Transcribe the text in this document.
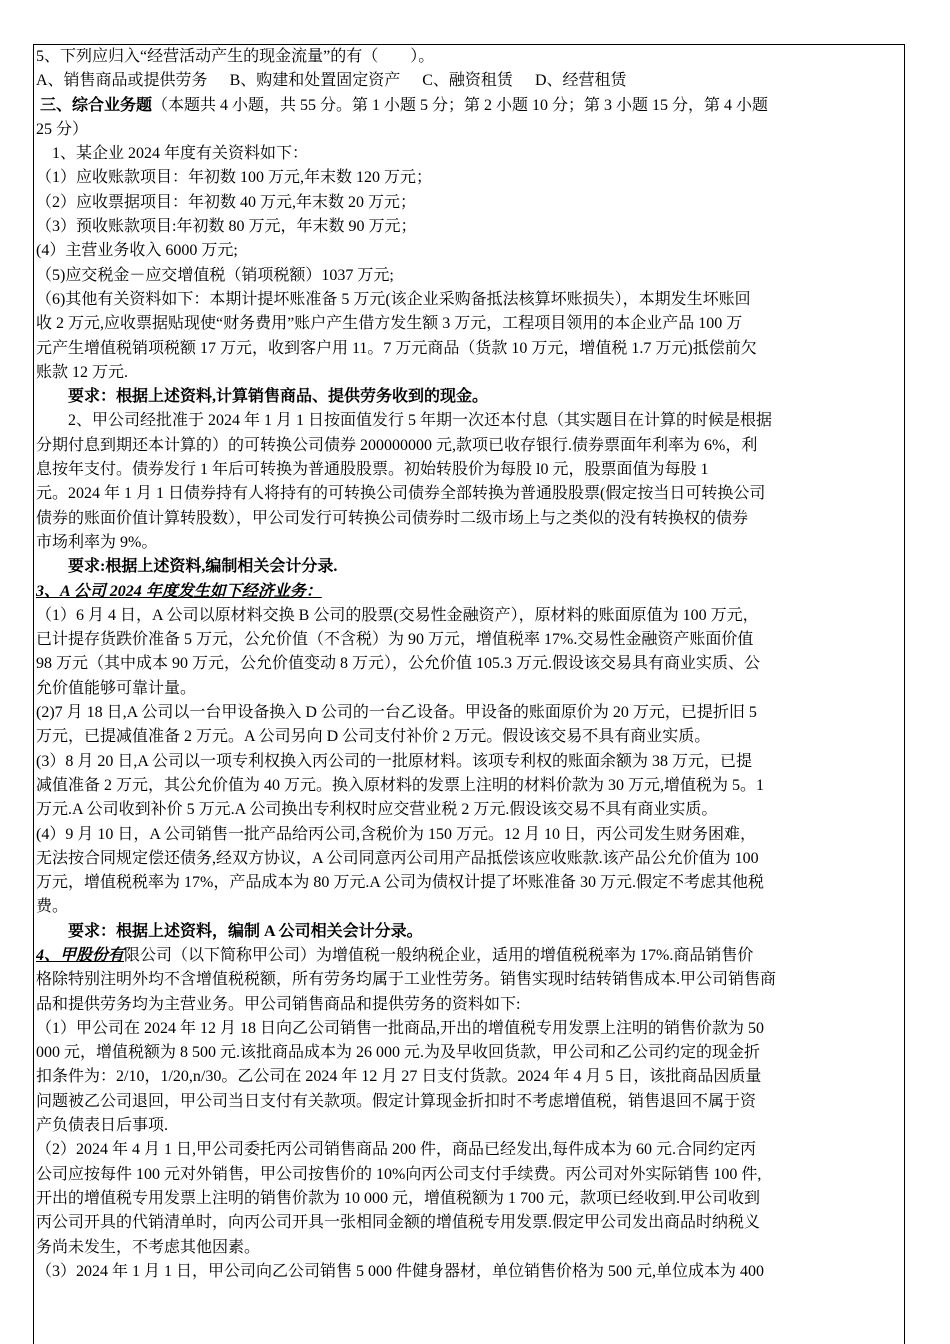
5、下列应归入“经营活动产生的现金流量”的有（　　）。
A、销售商品或提供劳务 B、购建和处置固定资产 C、融资租赁 D、经营租赁
三、综合业务题（本题共 4 小题，共 55 分。第 1 小题 5 分；第 2 小题 10 分；第 3 小题 15 分，第 4 小题
25 分）
1、某企业 2024 年度有关资料如下：
（1）应收账款项目：年初数 100 万元,年末数 120 万元；
（2）应收票据项目：年初数 40 万元,年末数 20 万元；
（3）预收账款项目:年初数 80 万元，年末数 90 万元；
(4）主营业务收入 6000 万元;
（5)应交税金－应交增值税（销项税额）1037 万元;
（6)其他有关资料如下：本期计提坏账准备 5 万元(该企业采购备抵法核算坏账损失），本期发生坏账回
收 2 万元,应收票据贴现使“财务费用”账户产生借方发生额 3 万元，工程项目领用的本企业产品 100 万
元产生增值税销项税额 17 万元，收到客户用 11。7 万元商品（货款 10 万元，增值税 1.7 万元)抵偿前欠
账款 12 万元.
要求：根据上述资料,计算销售商品、提供劳务收到的现金。
2、甲公司经批准于 2024 年 1 月 1 日按面值发行 5 年期一次还本付息（其实题目在计算的时候是根据
分期付息到期还本计算的）的可转换公司债券 200000000 元,款项已收存银行.债券票面年利率为 6%，利
息按年支付。债券发行 1 年后可转换为普通股股票。初始转股价为每股 l0 元，股票面值为每股 1
元。2024 年 1 月 1 日债券持有人将持有的可转换公司债券全部转换为普通股股票(假定按当日可转换公司
债券的账面价值计算转股数），甲公司发行可转换公司债券时二级市场上与之类似的没有转换权的债券
市场利率为 9%。
要求:根据上述资料,编制相关会计分录.
3、A 公司 2024 年度发生如下经济业务：
（1）6 月 4 日，A 公司以原材料交换 B 公司的股票(交易性金融资产），原材料的账面原值为 100 万元，
已计提存货跌价准备 5 万元，公允价值（不含税）为 90 万元，增值税率 17%.交易性金融资产账面价值
98 万元（其中成本 90 万元，公允价值变动 8 万元），公允价值 105.3 万元.假设该交易具有商业实质、公
允价值能够可靠计量。
(2)7 月 18 日,A 公司以一台甲设备换入 D 公司的一台乙设备。甲设备的账面原价为 20 万元，已提折旧 5
万元，已提减值准备 2 万元。A 公司另向 D 公司支付补价 2 万元。假设该交易不具有商业实质。
(3）8 月 20 日,A 公司以一项专利权换入丙公司的一批原材料。该项专利权的账面余额为 38 万元，已提
减值准备 2 万元，其公允价值为 40 万元。换入原材料的发票上注明的材料价款为 30 万元,增值税为 5。1
万元.A 公司收到补价 5 万元.A 公司换出专利权时应交营业税 2 万元.假设该交易不具有商业实质。
(4）9 月 10 日，A 公司销售一批产品给丙公司,含税价为 150 万元。12 月 10 日，丙公司发生财务困难，
无法按合同规定偿还债务,经双方协议，A 公司同意丙公司用产品抵偿该应收账款.该产品公允价值为 100
万元，增值税税率为 17%，产品成本为 80 万元.A 公司为债权计提了坏账准备 30 万元.假定不考虑其他税
费。
要求：根据上述资料，编制 A 公司相关会计分录。
4、甲股份有限公司（以下简称甲公司）为增值税一般纳税企业，适用的增值税税率为 17%.商品销售价
格除特别注明外均不含增值税税额，所有劳务均属于工业性劳务。销售实现时结转销售成本.甲公司销售商
品和提供劳务均为主营业务。甲公司销售商品和提供劳务的资料如下:
（1）甲公司在 2024 年 12 月 18 日向乙公司销售一批商品,开出的增值税专用发票上注明的销售价款为 50
000 元，增值税额为 8 500 元.该批商品成本为 26 000 元.为及早收回货款，甲公司和乙公司约定的现金折
扣条件为：2/10，1/20,n/30。乙公司在 2024 年 12 月 27 日支付货款。2024 年 4 月 5 日，该批商品因质量
问题被乙公司退回，甲公司当日支付有关款项。假定计算现金折扣时不考虑增值税，销售退回不属于资
产负债表日后事项.
（2）2024 年 4 月 1 日,甲公司委托丙公司销售商品 200 件，商品已经发出,每件成本为 60 元.合同约定丙
公司应按每件 100 元对外销售，甲公司按售价的 10%向丙公司支付手续费。丙公司对外实际销售 100 件,
开出的增值税专用发票上注明的销售价款为 10 000 元，增值税额为 1 700 元，款项已经收到.甲公司收到
丙公司开具的代销清单时，向丙公司开具一张相同金额的增值税专用发票.假定甲公司发出商品时纳税义
务尚未发生，不考虑其他因素。
（3）2024 年 1 月 1 日，甲公司向乙公司销售 5 000 件健身器材，单位销售价格为 500 元,单位成本为 400
